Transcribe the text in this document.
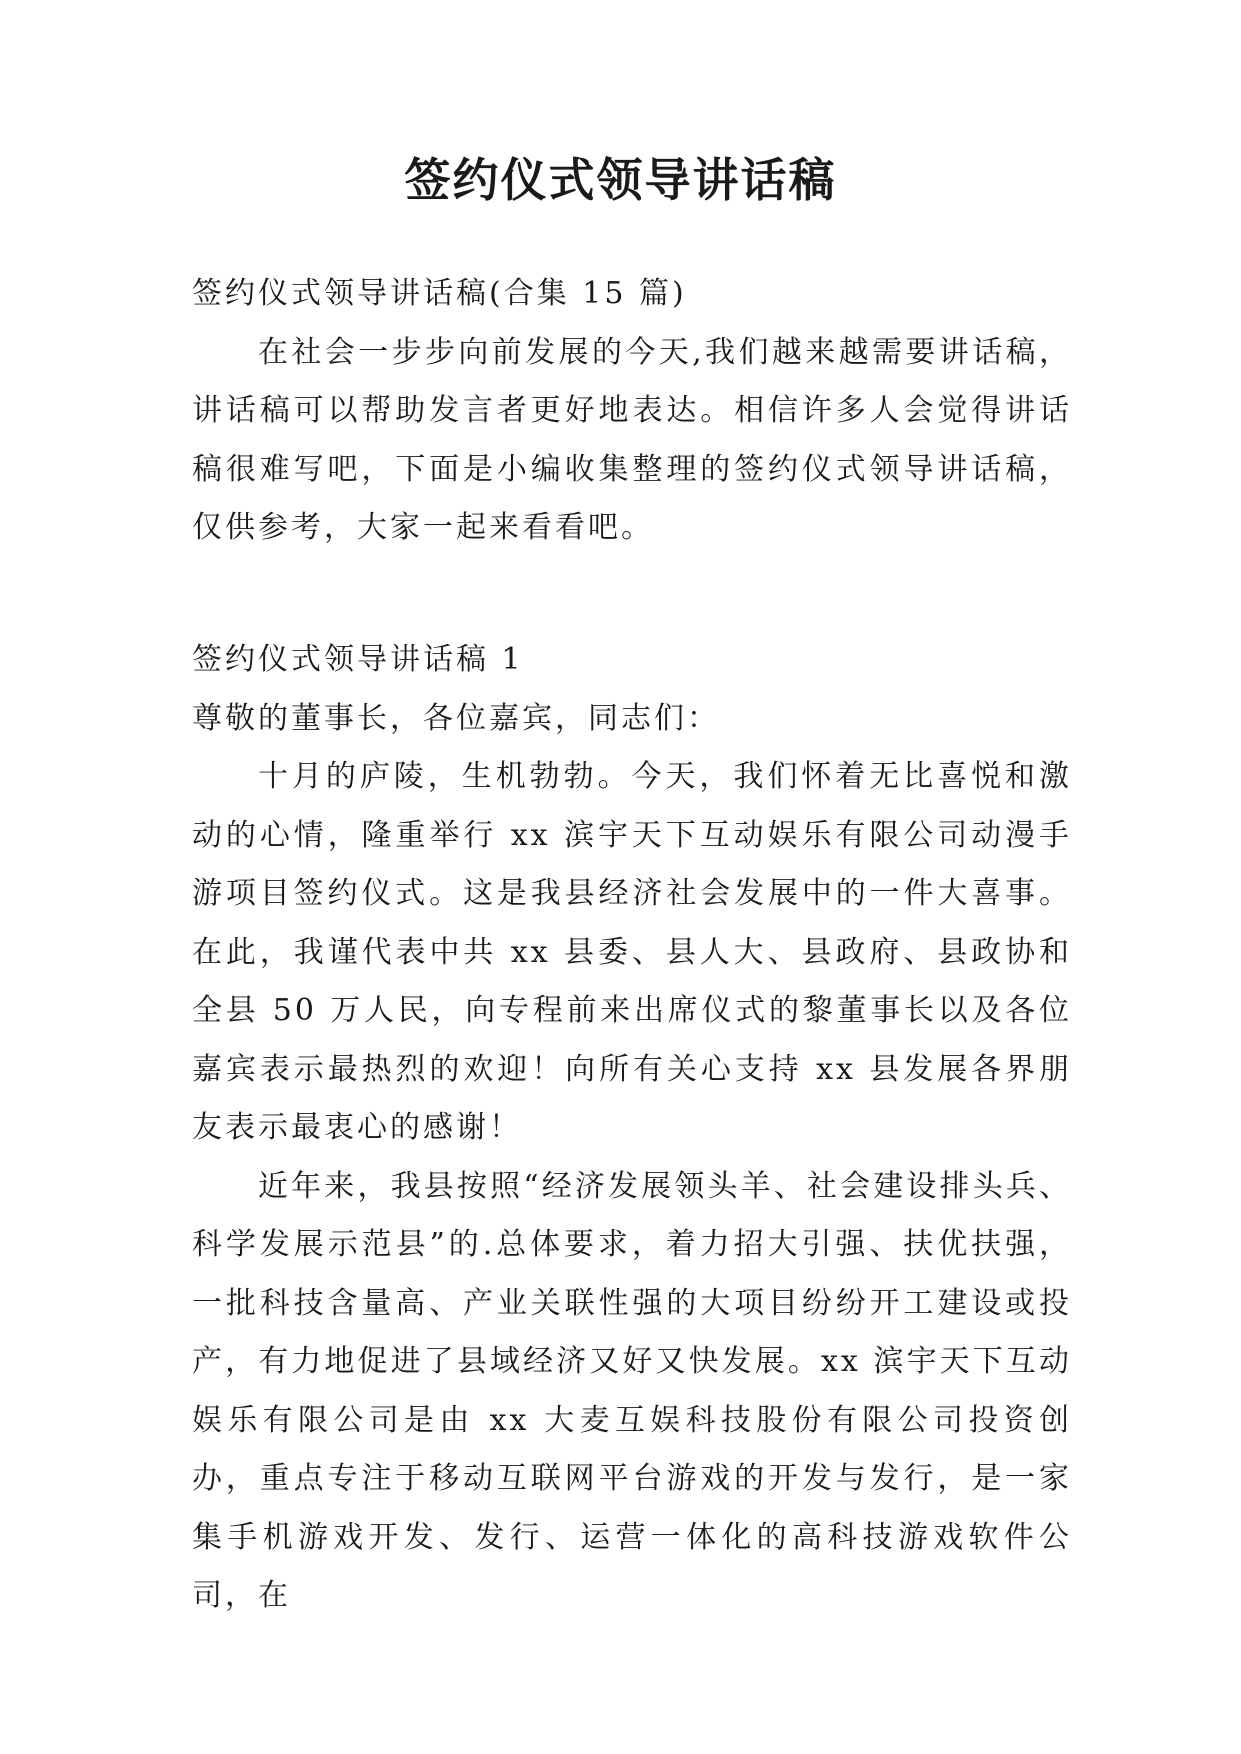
签约仪式领导讲话稿

签约仪式领导讲话稿(合集 15 篇)

在社会一步步向前发展的今天,我们越来越需要讲话稿，讲话稿可以帮助发言者更好地表达。相信许多人会觉得讲话稿很难写吧，下面是小编收集整理的签约仪式领导讲话稿，仅供参考，大家一起来看看吧。

签约仪式领导讲话稿 1

尊敬的董事长，各位嘉宾，同志们：

十月的庐陵，生机勃勃。今天，我们怀着无比喜悦和激动的心情，隆重举行 xx 滨宇天下互动娱乐有限公司动漫手游项目签约仪式。这是我县经济社会发展中的一件大喜事。在此，我谨代表中共 xx 县委、县人大、县政府、县政协和全县 50 万人民，向专程前来出席仪式的黎董事长以及各位嘉宾表示最热烈的欢迎！向所有关心支持 xx 县发展各界朋友表示最衷心的感谢！

近年来，我县按照“经济发展领头羊、社会建设排头兵、科学发展示范县”的.总体要求，着力招大引强、扶优扶强，一批科技含量高、产业关联性强的大项目纷纷开工建设或投产，有力地促进了县域经济又好又快发展。xx 滨宇天下互动娱乐有限公司是由 xx 大麦互娱科技股份有限公司投资创办，重点专注于移动互联网平台游戏的开发与发行，是一家集手机游戏开发、发行、运营一体化的高科技游戏软件公司，在
